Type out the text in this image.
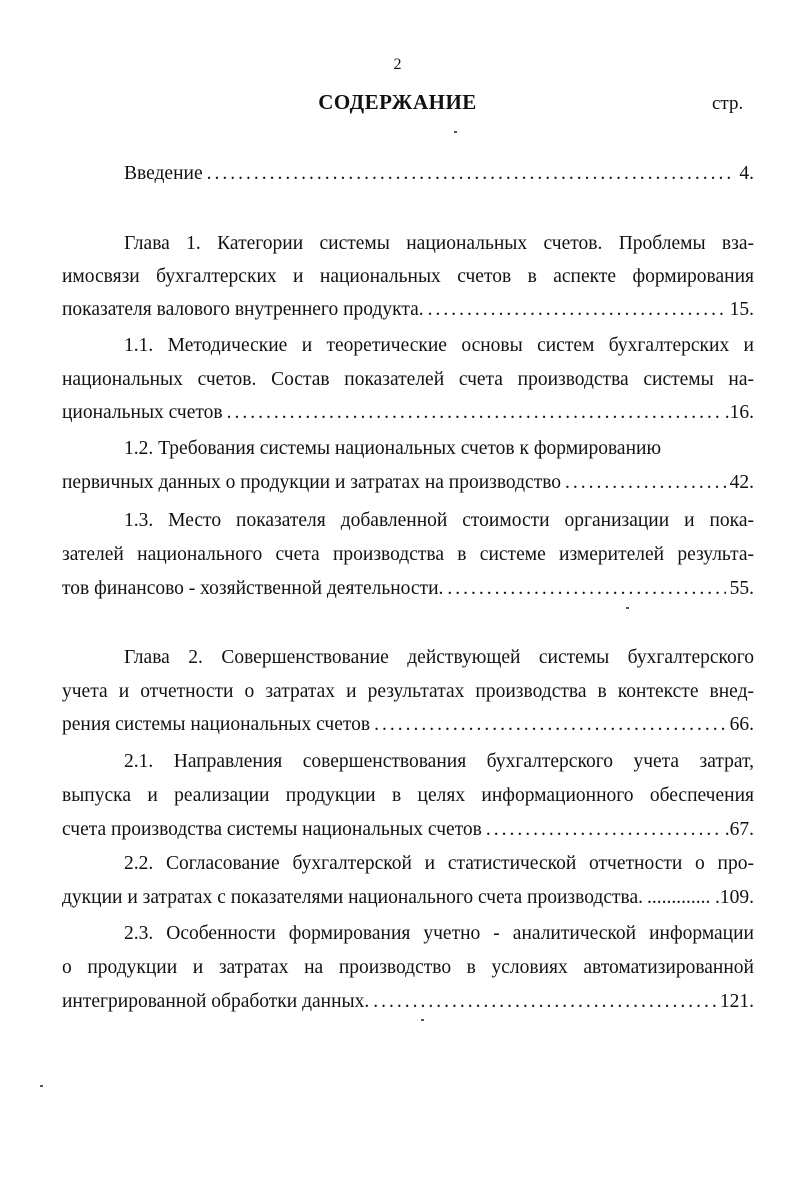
2
СОДЕРЖАНИЕ	стр.
Введение .....	4.
Глава 1. Категории системы национальных счетов. Проблемы вза-
имосвязи бухгалтерских и национальных счетов в аспекте формирования
показателя валового внутреннего продукта. .....	15.
1.1. Методические и теоретические основы систем бухгалтерских и
национальных счетов. Состав показателей счета производства системы на-
циональных счетов .....	.16.
1.2. Требования системы национальных счетов к формированию
первичных данных о продукции и затратах на производство .....	42.
1.3. Место показателя добавленной стоимости организации и пока-
зателей национального счета производства в системе измерителей результа-
тов финансово - хозяйственной деятельности. .....	55.
Глава 2. Совершенствование действующей системы бухгалтерского
учета и отчетности о затратах и результатах производства в контексте внед-
рения системы национальных счетов .....	66.
2.1. Направления совершенствования бухгалтерского учета затрат,
выпуска и реализации продукции в целях информационного обеспечения
счета производства системы национальных счетов .....	.67.
2.2. Согласование бухгалтерской и статистической отчетности о про-
дукции и затратах с показателями национального счета производства. .....	.109.
2.3. Особенности формирования учетно - аналитической информации
о продукции и затратах на производство в условиях автоматизированной
интегрированной обработки данных. .....	121.
